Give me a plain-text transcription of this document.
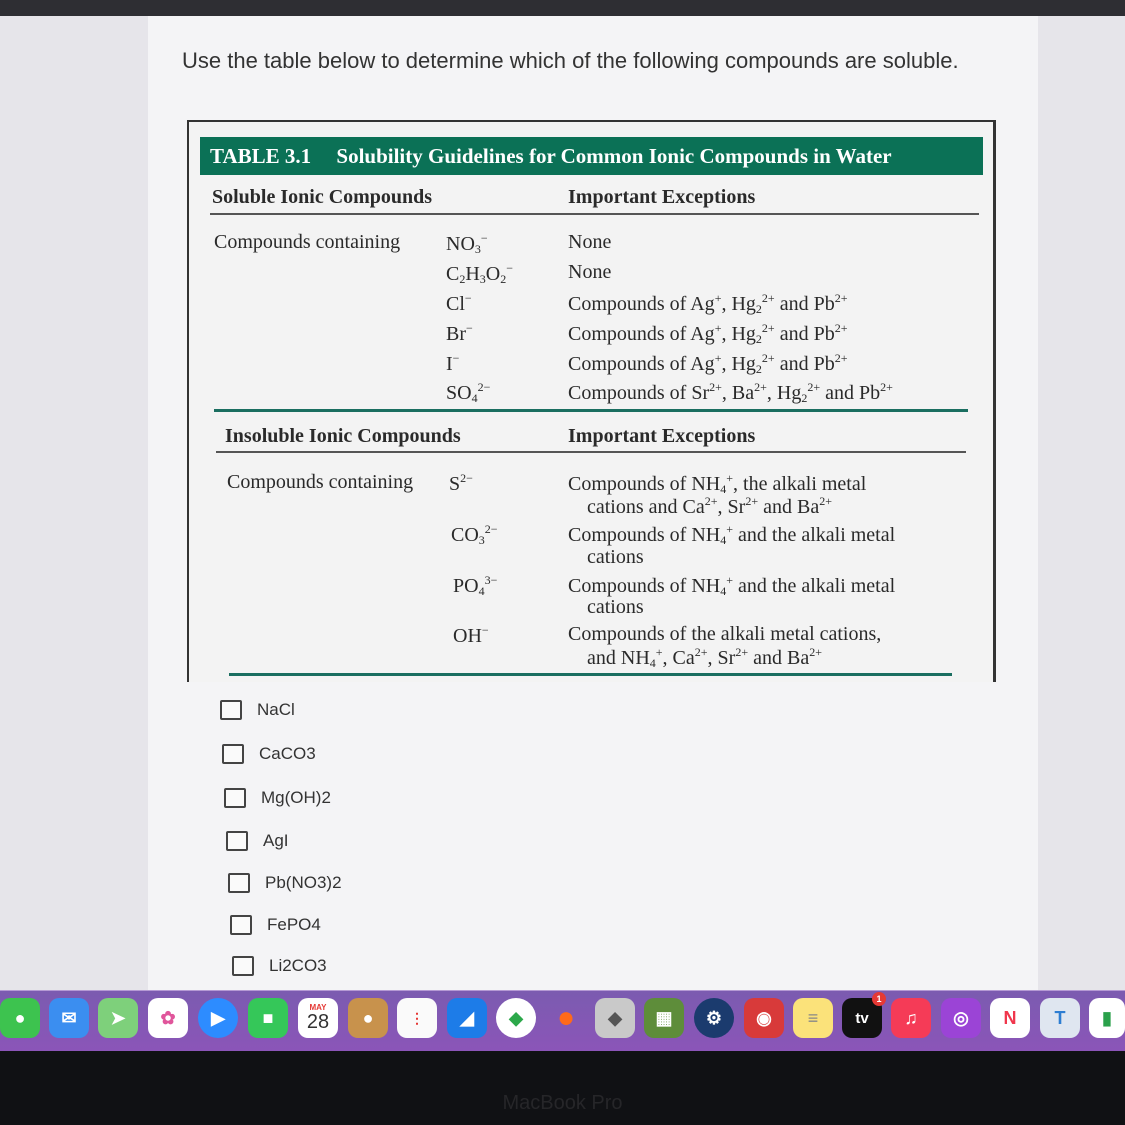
Use the table below to determine which of the following compounds are soluble.
TABLE 3.1 Solubility Guidelines for Common Ionic Compounds in Water
Soluble Ionic Compounds	Important Exceptions
Compounds containing $NO_3^-$	None
$C_2H_3O_2^-$	None
Cl−	Compounds of Ag+, $Hg_2^{2+}$ and $Pb^{2+}$
Br−	Compounds of Ag+, $Hg_2^{2+}$ and $Pb^{2+}$
I−	Compounds of Ag+, $Hg_2^{2+}$ and $Pb^{2+}$
$SO_4^{2-}$	Compounds of $Sr^{2+}$, $Ba^{2+}$, $Hg_2^{2+}$ and $Pb^{2+}$
Insoluble Ionic Compounds	Important Exceptions
Compounds containing $S^{2-}$	Compounds of $NH_4^+$, the alkali metal
cations and $Ca^{2+}$, $Sr^{2+}$ and $Ba^{2+}$
$CO_3^{2-}$	Compounds of $NH_4^+$ and the alkali metal
cations
$PO_4^{3-}$	Compounds of $NH_4^+$ and the alkali metal
cations
OH−	Compounds of the alkali metal cations,
and $NH_4^+$, $Ca^{2+}$, $Sr^{2+}$ and $Ba^{2+}$
NaCl
CaCO3
Mg(OH)2
AgI
Pb(NO3)2
FePO4
Li2CO3
●	✉	➤	✿	▶	■	MAY
28	●	⋮	◢	◆	●	◆	▦	⚙	◉	≡	tv
1
♫	◎	N	T	▮
MacBook Pro
